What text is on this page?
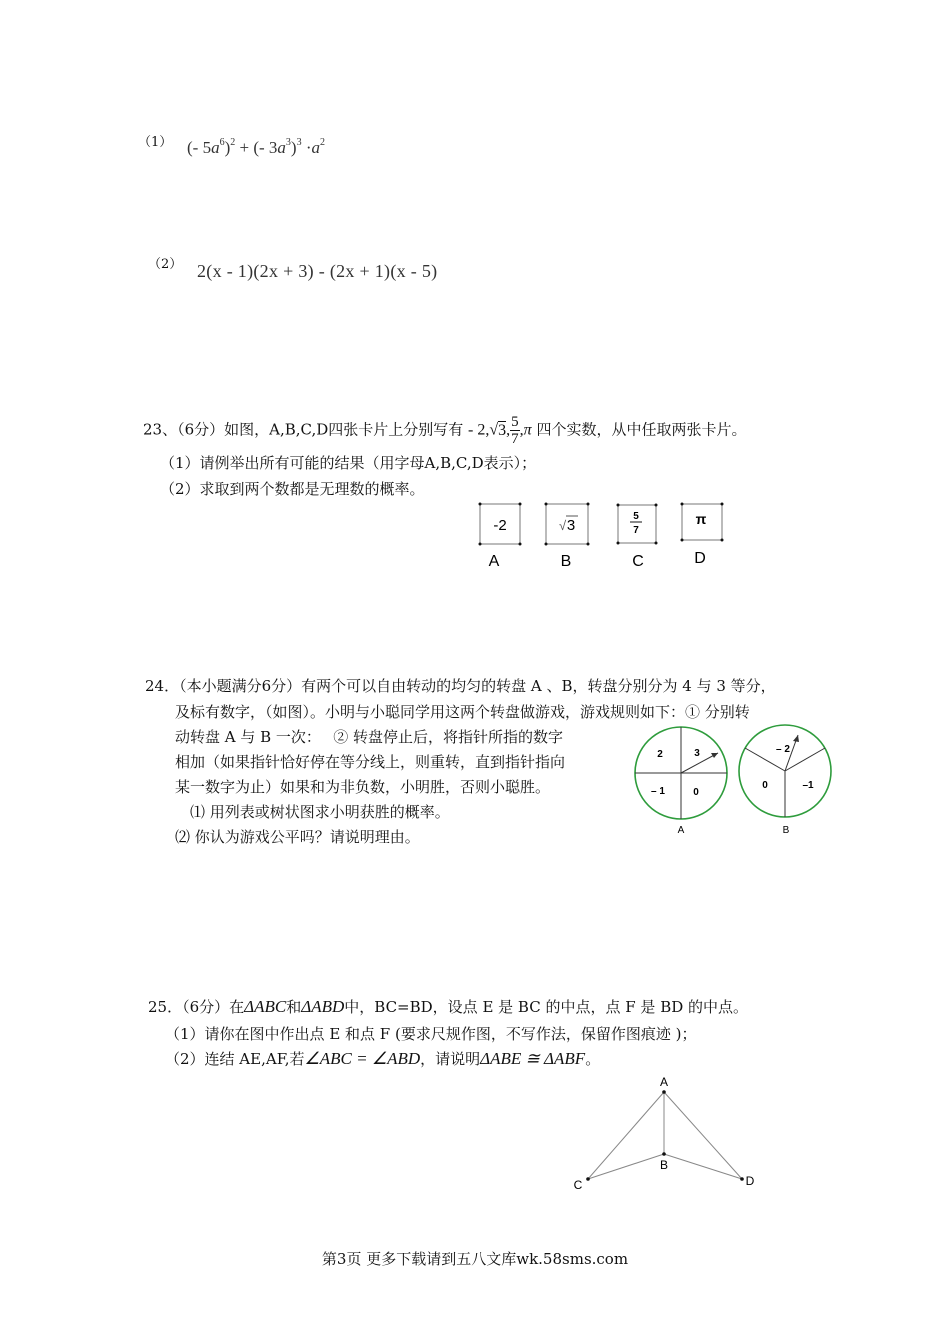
（1） (- $5a^6)^2$ + (- $3a^3)^3 \cdot a^2$
（2） 2(x - 1)(2x + 3) - (2x + 1)(x - 5)
23、（6分）如图，A,B,C,D四张卡片上分别写有 - 2,√3, $\frac{5}{7} ,\pi$ 四个实数，从中任取两张卡片。
（1）请例举出所有可能的结果（用字母A,B,C,D表示）；
（2）求取到两个数都是无理数的概率。
-2
A
√ 3
B
5
7
C
π
D
24．（本小题满分6分）有两个可以自由转动的均匀的转盘 A 、B，转盘分别分为 4 与 3 等分，
及标有数字，（如图）。小明与小聪同学用这两个转盘做游戏，游戏规则如下：① 分别转
动转盘 A 与 B 一次：　 ② 转盘停止后，将指针所指的数字
相加（如果指针恰好停在等分线上，则重转，直到指针指向
某一数字为止）如果和为非负数，小明胜，否则小聪胜。
⑴ 用列表或树状图求小明获胜的概率。
⑵ 你认为游戏公平吗？请说明理由。
2	3
– 1	0
A
– 2
0	–1
B
25．（6分）在ΔABC和ΔABD中，BC=BD，设点 E 是 BC 的中点，点 F 是 BD 的中点。
（1）请你在图中作出点 E 和点 F (要求尺规作图，不写作法，保留作图痕迹 )；
（2）连结 AE,AF,若∠ABC = ∠ABD，请说明ΔABE ≅ ΔABF。
A
B
C	D
第3页 更多下载请到五八文库wk.58sms.com
